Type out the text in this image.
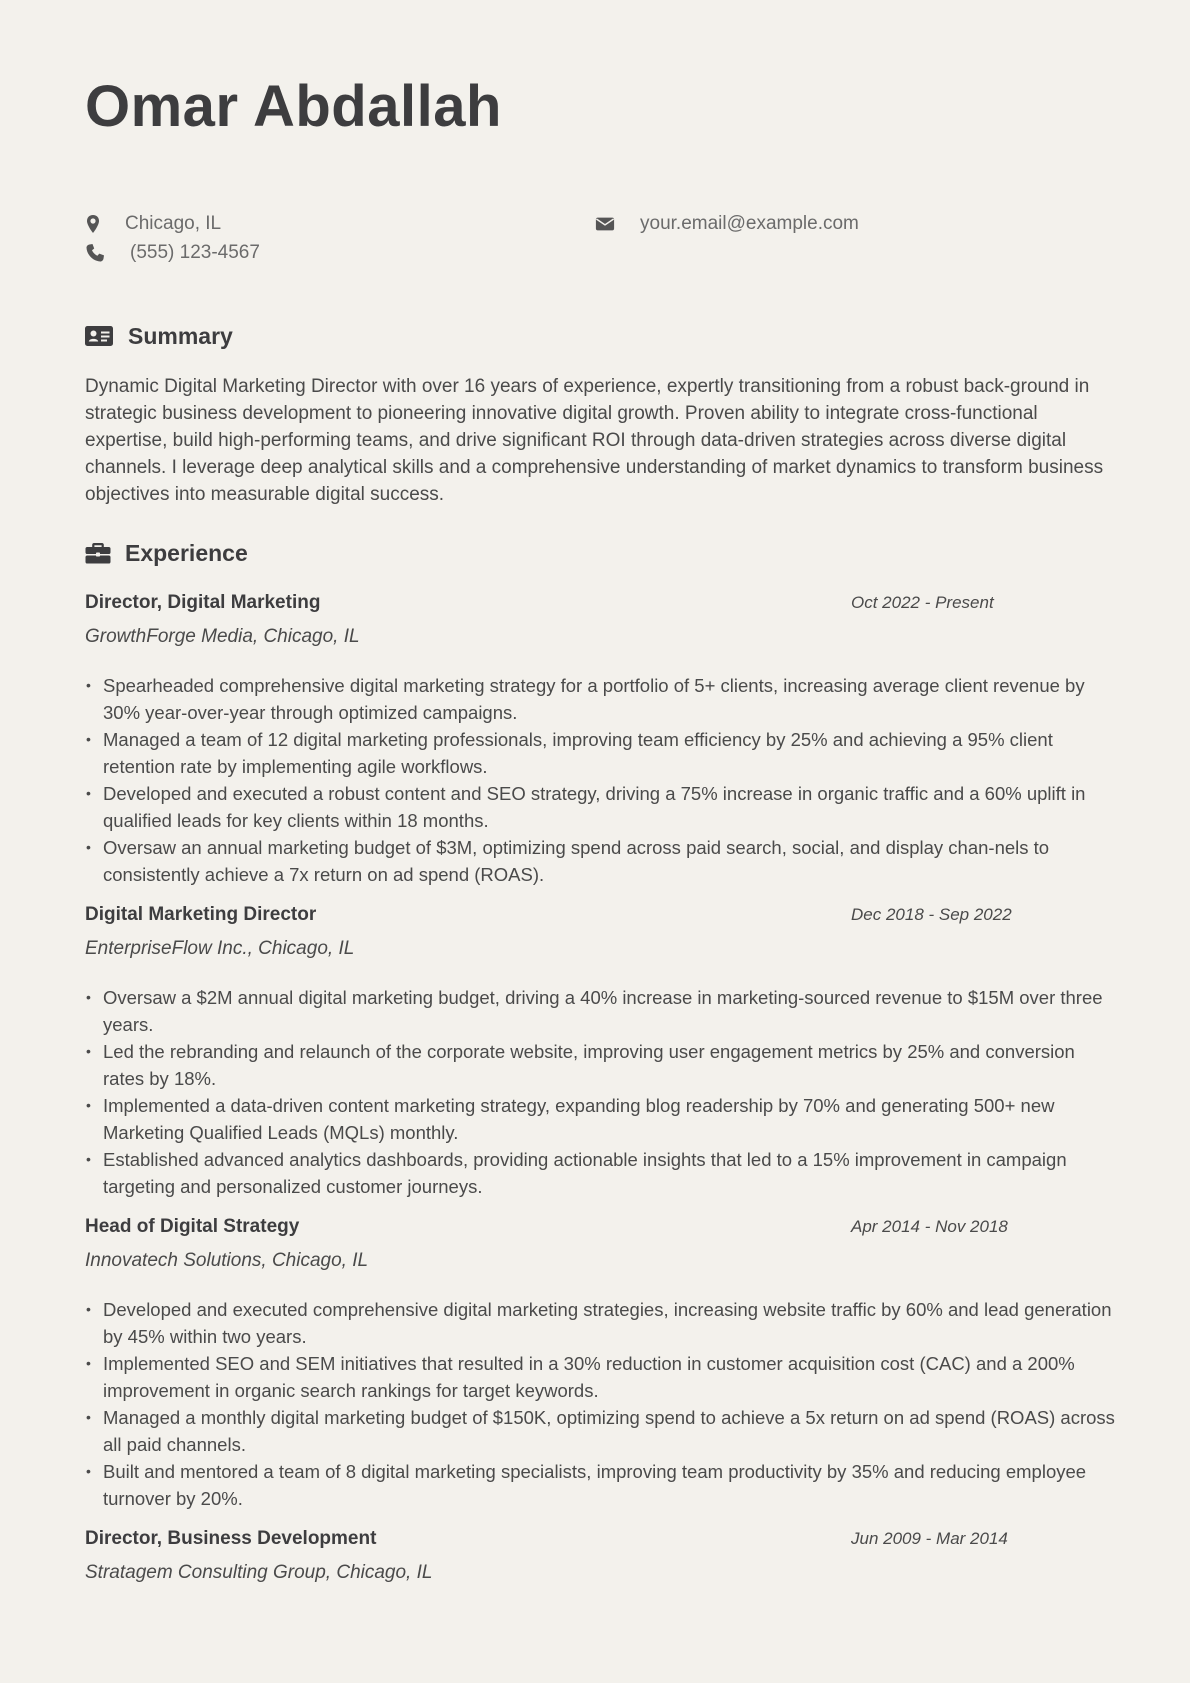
Omar Abdallah
Chicago, IL
(555) 123-4567
your.email@example.com
Summary

Dynamic Digital Marketing Director with over 16 years of experience, expertly transitioning from a robust back-ground in strategic business development to pioneering innovative digital growth. Proven ability to integrate cross-functional expertise, build high-performing teams, and drive significant ROI through data-driven strategies across diverse digital channels. I leverage deep analytical skills and a comprehensive understanding of market dynamics to transform business objectives into measurable digital success.

Experience
Director, Digital Marketing	Oct 2022 - Present
GrowthForge Media, Chicago, IL
• Spearheaded comprehensive digital marketing strategy for a portfolio of 5+ clients, increasing average client revenue by 30% year-over-year through optimized campaigns.
• Managed a team of 12 digital marketing professionals, improving team efficiency by 25% and achieving a 95% client retention rate by implementing agile workflows.
• Developed and executed a robust content and SEO strategy, driving a 75% increase in organic traffic and a 60% uplift in qualified leads for key clients within 18 months.
• Oversaw an annual marketing budget of $3M, optimizing spend across paid search, social, and display chan-nels to consistently achieve a 7x return on ad spend (ROAS).
Digital Marketing Director	Dec 2018 - Sep 2022
EnterpriseFlow Inc., Chicago, IL
• Oversaw a $2M annual digital marketing budget, driving a 40% increase in marketing-sourced revenue to $15M over three years.
• Led the rebranding and relaunch of the corporate website, improving user engagement metrics by 25% and conversion rates by 18%.
• Implemented a data-driven content marketing strategy, expanding blog readership by 70% and generating 500+ new Marketing Qualified Leads (MQLs) monthly.
• Established advanced analytics dashboards, providing actionable insights that led to a 15% improvement in campaign targeting and personalized customer journeys.
Head of Digital Strategy	Apr 2014 - Nov 2018
Innovatech Solutions, Chicago, IL
• Developed and executed comprehensive digital marketing strategies, increasing website traffic by 60% and lead generation by 45% within two years.
• Implemented SEO and SEM initiatives that resulted in a 30% reduction in customer acquisition cost (CAC) and a 200% improvement in organic search rankings for target keywords.
• Managed a monthly digital marketing budget of $150K, optimizing spend to achieve a 5x return on ad spend (ROAS) across all paid channels.
• Built and mentored a team of 8 digital marketing specialists, improving team productivity by 35% and reducing employee turnover by 20%.
Director, Business Development	Jun 2009 - Mar 2014
Stratagem Consulting Group, Chicago, IL
